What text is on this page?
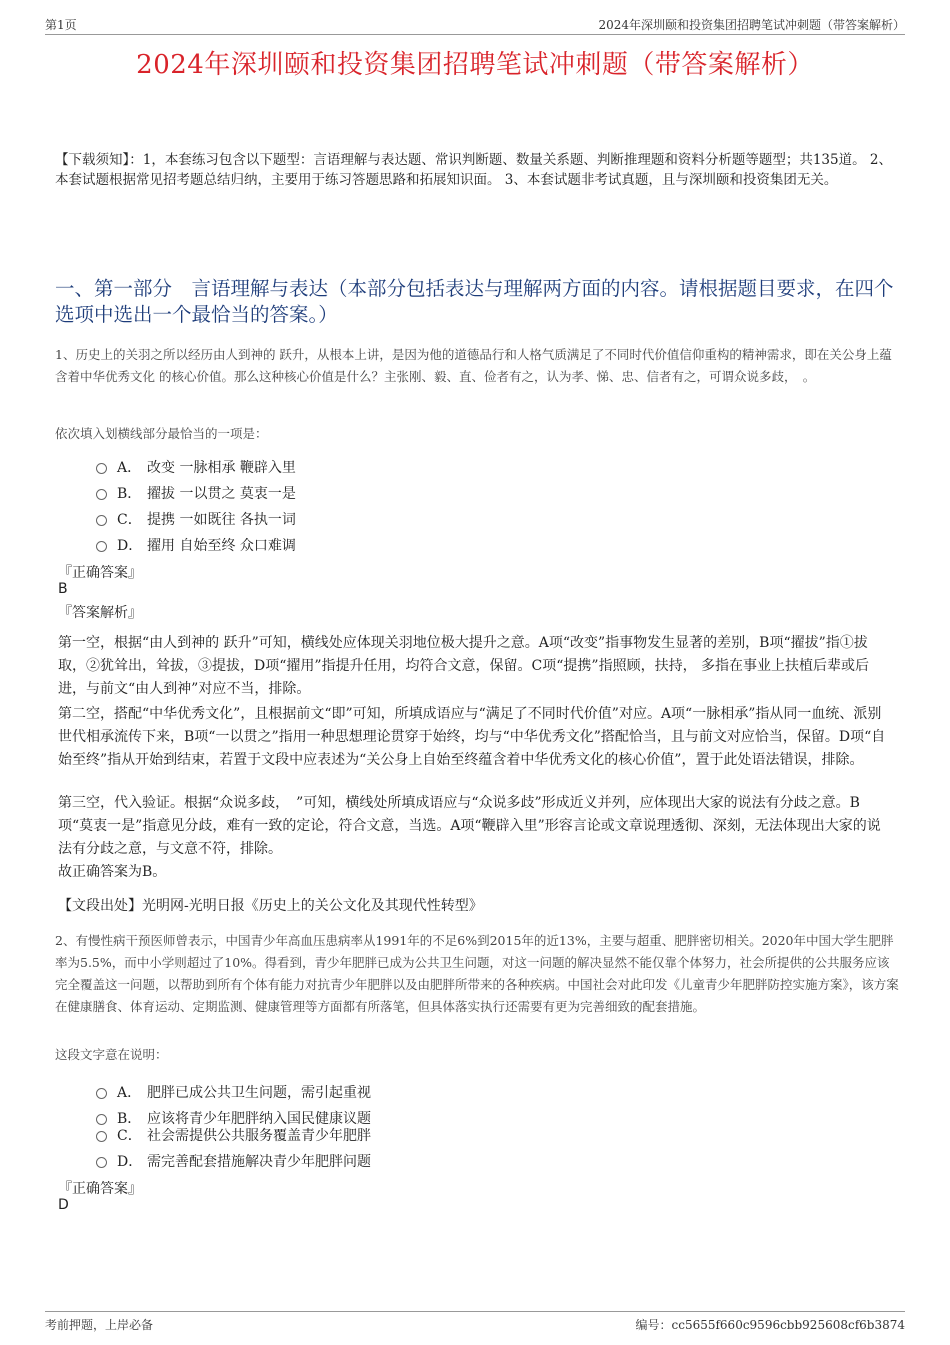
第1页	2024年深圳颐和投资集团招聘笔试冲刺题（带答案解析）
2024年深圳颐和投资集团招聘笔试冲刺题（带答案解析）
【下载须知】：1，本套练习包含以下题型：言语理解与表达题、常识判断题、数量关系题、判断推理题和资料分析题等题型；共135道。 2、本套试题根据常见招考题总结归纳，主要用于练习答题思路和拓展知识面。 3、本套试题非考试真题，且与深圳颐和投资集团无关。
一、第一部分　言语理解与表达（本部分包括表达与理解两方面的内容。请根据题目要求，在四个选项中选出一个最恰当的答案。）
1、历史上的关羽之所以经历由人到神的 跃升，从根本上讲，是因为他的道德品行和人格气质满足了不同时代价值信仰重构的精神需求，即在关公身上蕴含着中华优秀文化 的核心价值。那么这种核心价值是什么？主张刚、毅、直、俭者有之，认为孝、悌、忠、信者有之，可谓众说多歧，　。
依次填入划横线部分最恰当的一项是：
A． 改变 一脉相承 鞭辟入里
B． 擢拔 一以贯之 莫衷一是
C． 提携 一如既往 各执一词
D． 擢用 自始至终 众口难调
『正确答案』
B
『答案解析』
第一空，根据“由人到神的 跃升”可知，横线处应体现关羽地位极大提升之意。A项“改变”指事物发生显著的差别，B项“擢拔”指①拔取，②犹耸出，耸拔，③提拔，D项“擢用”指提升任用，均符合文意，保留。C项“提携”指照顾，扶持， 多指在事业上扶植后辈或后进，与前文“由人到神”对应不当，排除。
第二空，搭配“中华优秀文化”，且根据前文“即”可知，所填成语应与“满足了不同时代价值”对应。A项“一脉相承”指从同一血统、派别世代相承流传下来，B项“一以贯之”指用一种思想理论贯穿于始终，均与“中华优秀文化”搭配恰当，且与前文对应恰当，保留。D项“自始至终”指从开始到结束，若置于文段中应表述为“关公身上自始至终蕴含着中华优秀文化的核心价值”，置于此处语法错误，排除。
第三空，代入验证。根据“众说多歧，　”可知，横线处所填成语应与“众说多歧”形成近义并列，应体现出大家的说法有分歧之意。B项“莫衷一是”指意见分歧，难有一致的定论，符合文意，当选。A项“鞭辟入里”形容言论或文章说理透彻、深刻，无法体现出大家的说法有分歧之意，与文意不符，排除。
故正确答案为B。
【文段出处】光明网-光明日报《历史上的关公文化及其现代性转型》
2、有慢性病干预医师曾表示，中国青少年高血压患病率从1991年的不足6%到2015年的近13%，主要与超重、肥胖密切相关。2020年中国大学生肥胖率为5.5%，而中小学则超过了10%。得看到，青少年肥胖已成为公共卫生问题，对这一问题的解决显然不能仅靠个体努力，社会所提供的公共服务应该完全覆盖这一问题，以帮助到所有个体有能力对抗青少年肥胖以及由肥胖所带来的各种疾病。中国社会对此印发《儿童青少年肥胖防控实施方案》，该方案在健康膳食、体育运动、定期监测、健康管理等方面都有所落笔，但具体落实执行还需要有更为完善细致的配套措施。
这段文字意在说明：
A． 肥胖已成公共卫生问题，需引起重视
B． 应该将青少年肥胖纳入国民健康议题
C． 社会需提供公共服务覆盖青少年肥胖
D． 需完善配套措施解决青少年肥胖问题
『正确答案』
D
考前押题，上岸必备	编号：cc5655f660c9596cbb925608cf6b3874
